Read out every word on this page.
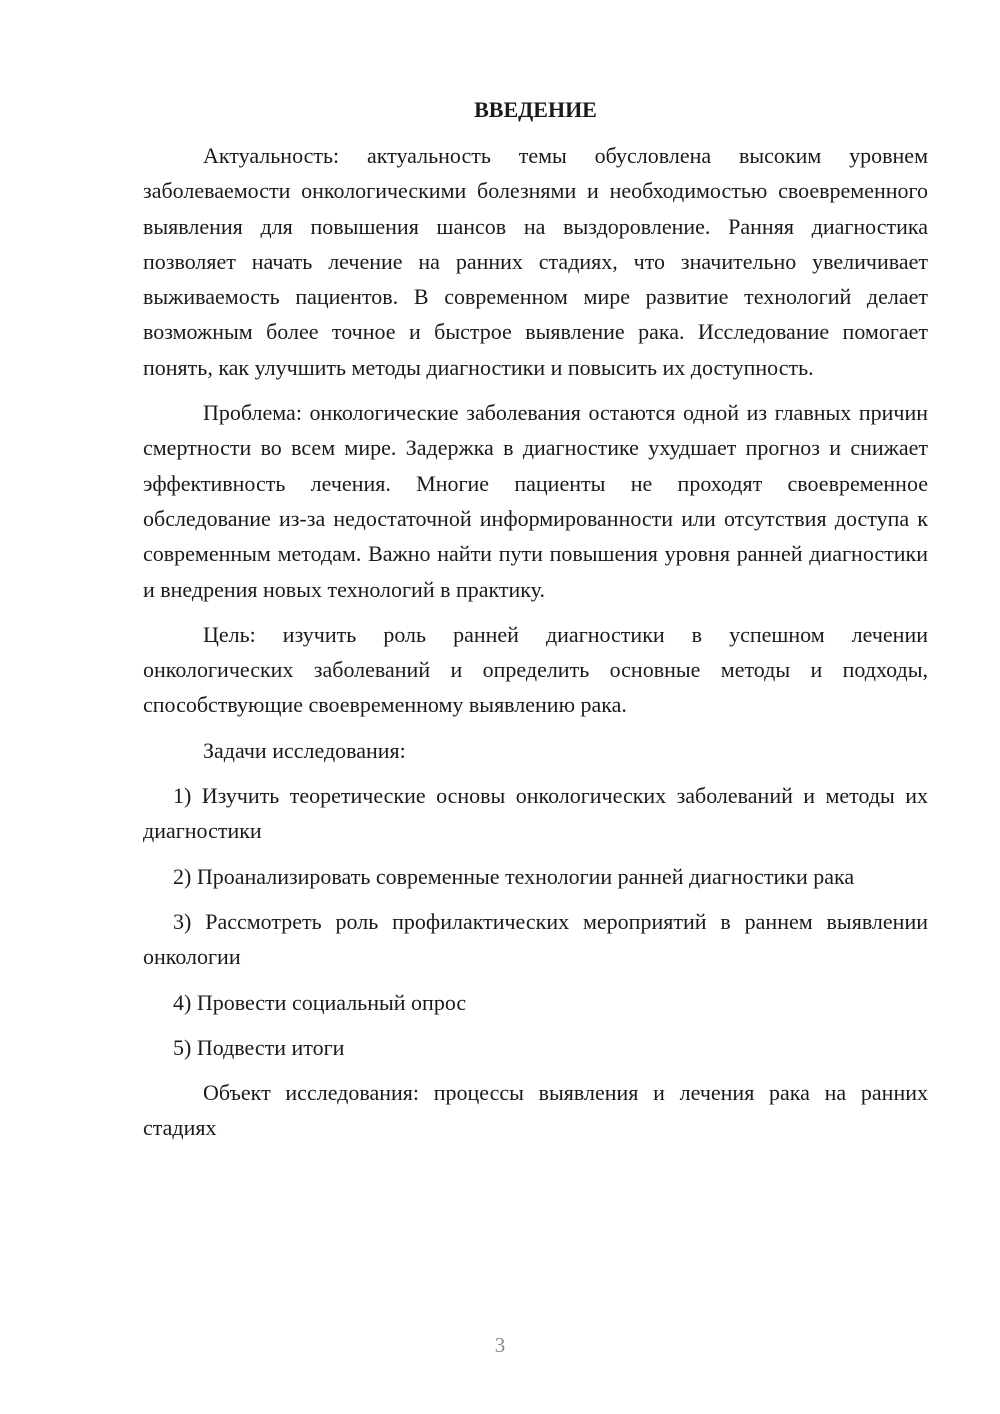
ВВЕДЕНИЕ

Актуальность: актуальность темы обусловлена высоким уровнем заболеваемости онкологическими болезнями и необходимостью своевременного выявления для повышения шансов на выздоровление. Ранняя диагностика позволяет начать лечение на ранних стадиях, что значительно увеличивает выживаемость пациентов. В современном мире развитие технологий делает возможным более точное и быстрое выявление рака. Исследование помогает понять, как улучшить методы диагностики и повысить их доступность.

Проблема: онкологические заболевания остаются одной из главных причин смертности во всем мире. Задержка в диагностике ухудшает прогноз и снижает эффективность лечения. Многие пациенты не проходят своевременное обследование из-за недостаточной информированности или отсутствия доступа к современным методам. Важно найти пути повышения уровня ранней диагностики и внедрения новых технологий в практику.

Цель: изучить роль ранней диагностики в успешном лечении онкологических заболеваний и определить основные методы и подходы, способствующие своевременному выявлению рака.

Задачи исследования:

1) Изучить теоретические основы онкологических заболеваний и методы их диагностики

2) Проанализировать современные технологии ранней диагностики рака

3) Рассмотреть роль профилактических мероприятий в раннем выявлении онкологии

4) Провести социальный опрос

5) Подвести итоги

Объект исследования: процессы выявления и лечения рака на ранних стадиях

3
